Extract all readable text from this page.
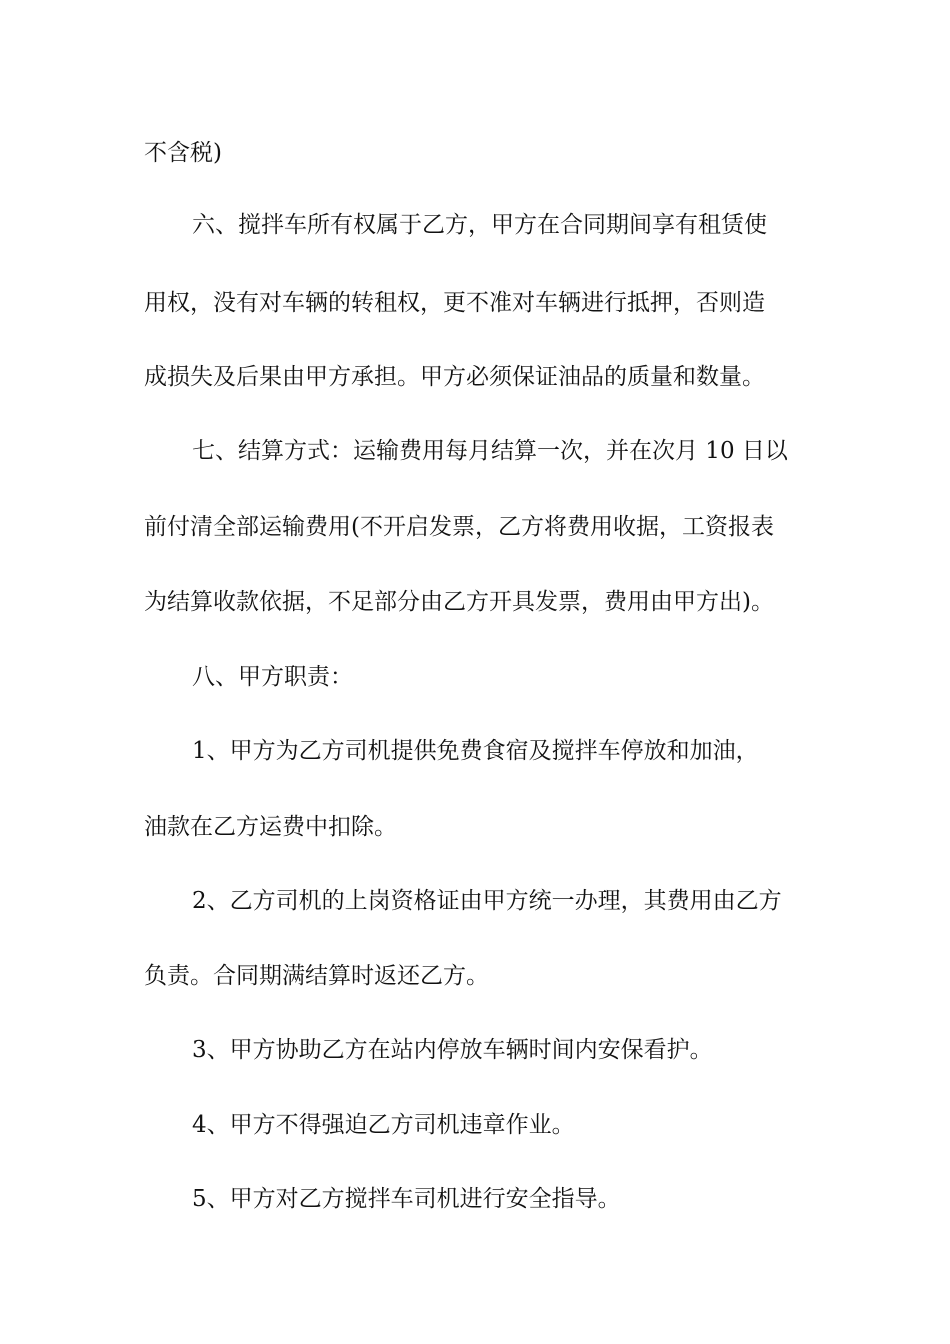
不含税)
六、搅拌车所有权属于乙方，甲方在合同期间享有租赁使
用权，没有对车辆的转租权，更不准对车辆进行抵押，否则造
成损失及后果由甲方承担。甲方必须保证油品的质量和数量。
七、结算方式：运输费用每月结算一次，并在次月 10 日以
前付清全部运输费用(不开启发票，乙方将费用收据，工资报表
为结算收款依据，不足部分由乙方开具发票，费用由甲方出)。
八、甲方职责：
1、甲方为乙方司机提供免费食宿及搅拌车停放和加油，
油款在乙方运费中扣除。
2、乙方司机的上岗资格证由甲方统一办理，其费用由乙方
负责。合同期满结算时返还乙方。
3、甲方协助乙方在站内停放车辆时间内安保看护。
4、甲方不得强迫乙方司机违章作业。
5、甲方对乙方搅拌车司机进行安全指导。
